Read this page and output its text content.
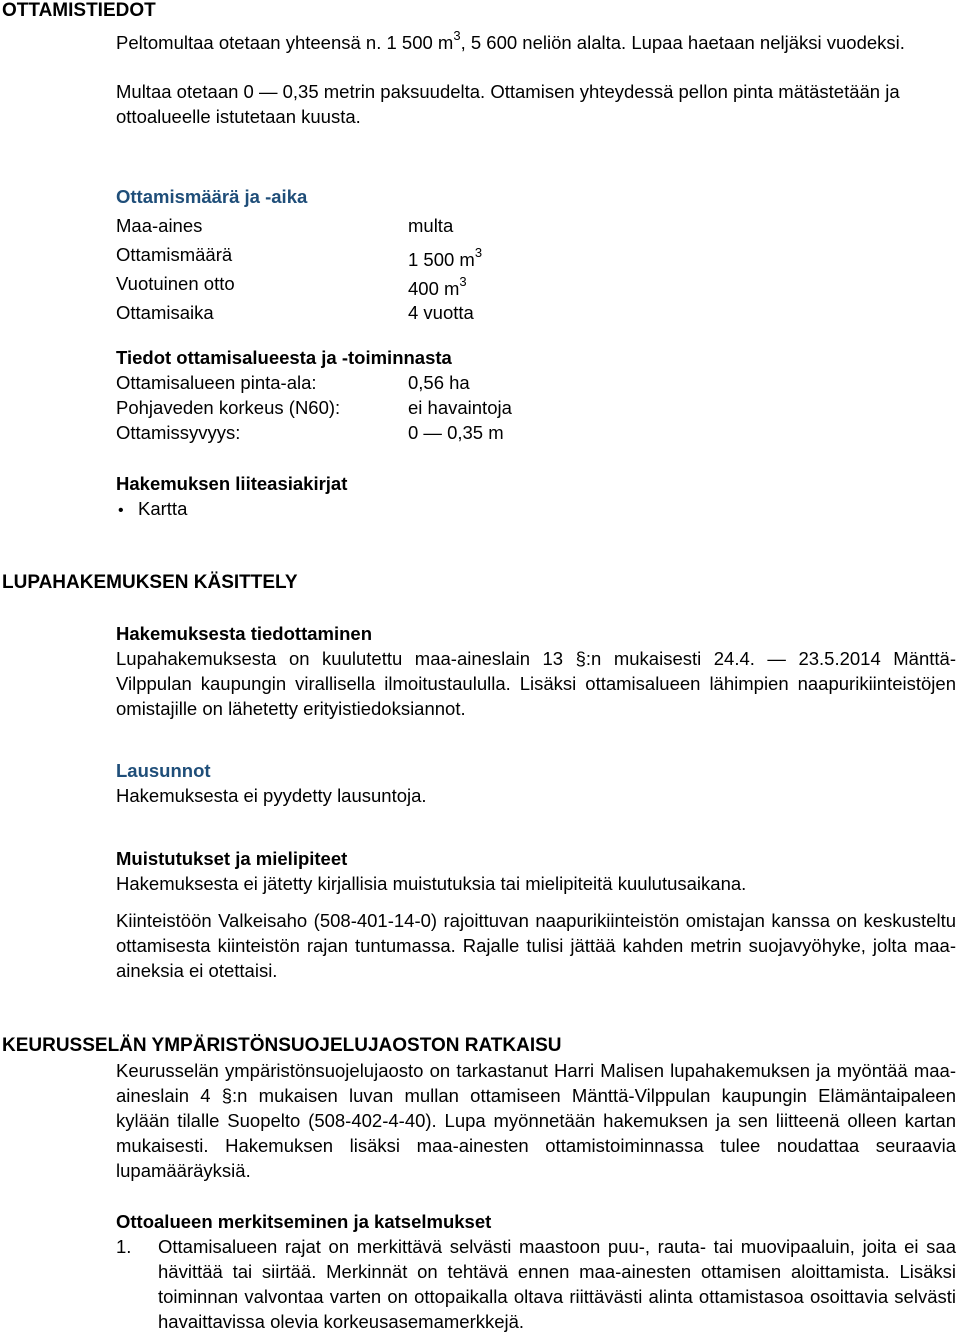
OTTAMISTIEDOT

Peltomultaa otetaan yhteensä n. 1 500 $m^3$, 5 600 neliön alalta. Lupaa haetaan neljäksi vuodeksi.

Multaa otetaan 0 — 0,35 metrin paksuudelta. Ottamisen yhteydessä pellon pinta mätästetään ja ottoalueelle istutetaan kuusta.

Ottamismäärä ja -aika
Maa-aines	multa
Ottamismäärä	1 500 $m^3$
Vuotuinen otto	400 $m^3$
Ottamisaika	4 vuotta
Tiedot ottamisalueesta ja -toiminnasta
Ottamisalueen pinta-ala:	0,56 ha
Pohjaveden korkeus (N60):	ei havaintoja
Ottamissyvyys:	0 — 0,35 m
Hakemuksen liiteasiakirjat
• Kartta
LUPAHAKEMUKSEN KÄSITTELY
Hakemuksesta tiedottaminen

Lupahakemuksesta on kuulutettu maa-aineslain 13 §:n mukaisesti 24.4. — 23.5.2014 Mänttä-Vilppulan kaupungin virallisella ilmoitustaululla. Lisäksi ottamisalueen lähimpien naapurikiinteistöjen omistajille on lähetetty erityistiedoksiannot.

Lausunnot

Hakemuksesta ei pyydetty lausuntoja.

Muistutukset ja mielipiteet

Hakemuksesta ei jätetty kirjallisia muistutuksia tai mielipiteitä kuulutusaikana.

Kiinteistöön Valkeisaho (508-401-14-0) rajoittuvan naapurikiinteistön omistajan kanssa on keskusteltu ottamisesta kiinteistön rajan tuntumassa. Rajalle tulisi jättää kahden metrin suojavyöhyke, jolta maa-aineksia ei otettaisi.

KEURUSSELÄN YMPÄRISTÖNSUOJELUJAOSTON RATKAISU

Keurusselän ympäristönsuojelujaosto on tarkastanut Harri Malisen lupahakemuksen ja myöntää maa-aineslain 4 §:n mukaisen luvan mullan ottamiseen Mänttä-Vilppulan kaupungin Elämäntaipaleen kylään tilalle Suopelto (508-402-4-40). Lupa myönnetään hakemuksen ja sen liitteenä olleen kartan mukaisesti. Hakemuksen lisäksi maa-ainesten ottamistoiminnassa tulee noudattaa seuraavia lupamääräyksiä.

Ottoalueen merkitseminen ja katselmukset
1.	Ottamisalueen rajat on merkittävä selvästi maastoon puu-, rauta- tai muovipaaluin, joita ei saa hävittää tai siirtää. Merkinnät on tehtävä ennen maa-ainesten ottamisen aloittamista. Lisäksi toiminnan valvontaa varten on ottopaikalla oltava riittävästi alinta ottamistasoa osoittavia selvästi havaittavissa olevia korkeusasemamerkkejä.
